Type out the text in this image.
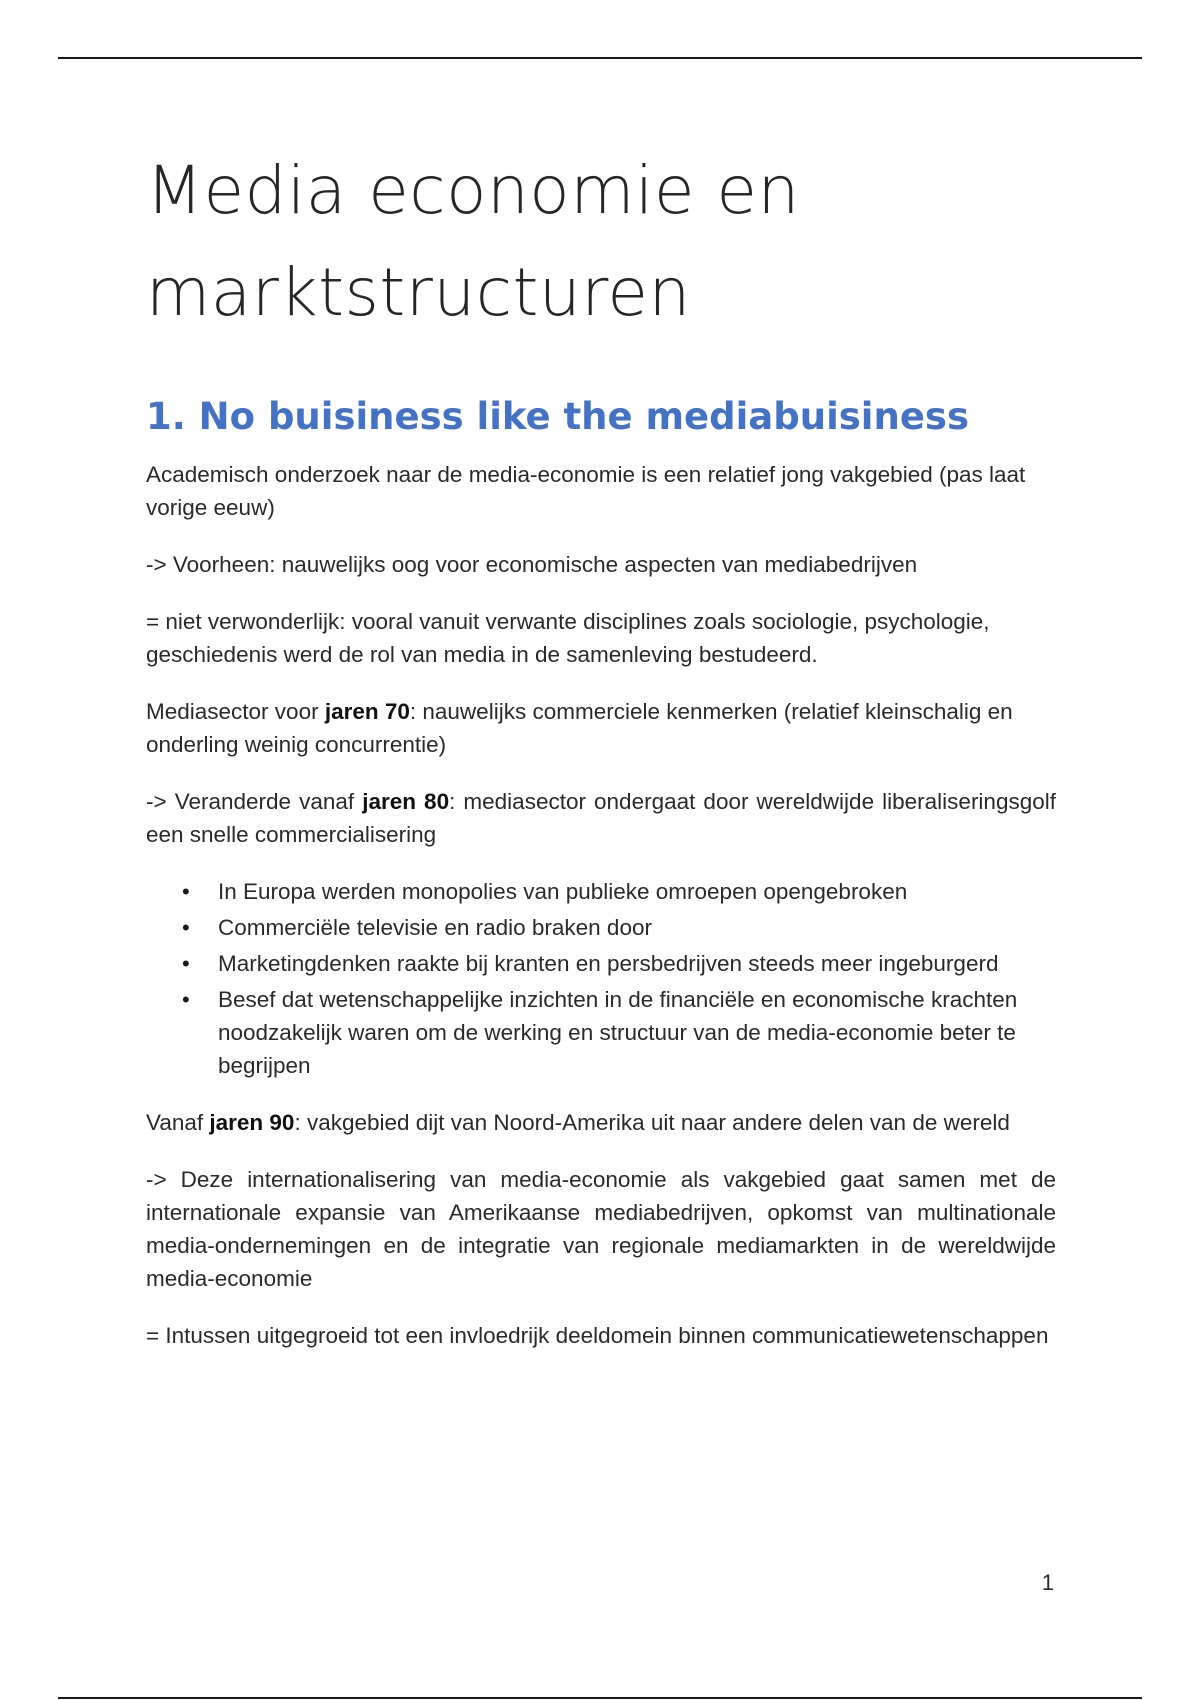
Media economie en
marktstructuren
1. No buisiness like the mediabuisiness

Academisch onderzoek naar de media-economie is een relatief jong vakgebied (pas laat vorige eeuw)

-> Voorheen: nauwelijks oog voor economische aspecten van mediabedrijven

= niet verwonderlijk: vooral vanuit verwante disciplines zoals sociologie, psychologie, geschiedenis werd de rol van media in de samenleving bestudeerd.

Mediasector voor jaren 70: nauwelijks commerciele kenmerken (relatief kleinschalig en onderling weinig concurrentie)

-> Veranderde vanaf jaren 80: mediasector ondergaat door wereldwijde liberaliseringsgolf een snelle commercialisering

• In Europa werden monopolies van publieke omroepen opengebroken
• Commerciële televisie en radio braken door
• Marketingdenken raakte bij kranten en persbedrijven steeds meer ingeburgerd
• Besef dat wetenschappelijke inzichten in de financiële en economische krachten noodzakelijk waren om de werking en structuur van de media-economie beter te begrijpen

Vanaf jaren 90: vakgebied dijt van Noord-Amerika uit naar andere delen van de wereld

-> Deze internationalisering van media-economie als vakgebied gaat samen met de internationale expansie van Amerikaanse mediabedrijven, opkomst van multinationale media-ondernemingen en de integratie van regionale mediamarkten in de wereldwijde media-economie

= Intussen uitgegroeid tot een invloedrijk deeldomein binnen communicatiewetenschappen

1
